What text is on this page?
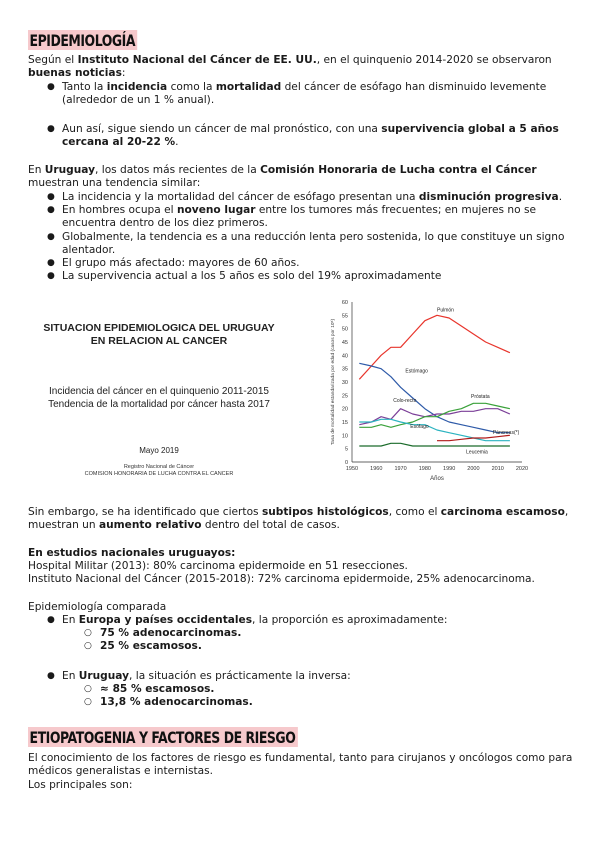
EPIDEMIOLOGÍA
Según el Instituto Nacional del Cáncer de EE. UU., en el quinquenio 2014-2020 se observaron buenas noticias:
● Tanto la incidencia como la mortalidad del cáncer de esófago han disminuido levemente (alrededor de un 1 % anual).
● Aun así, sigue siendo un cáncer de mal pronóstico, con una supervivencia global a 5 años cercana al 20-22 %.
En Uruguay, los datos más recientes de la Comisión Honoraria de Lucha contra el Cáncer muestran una tendencia similar:
● La incidencia y la mortalidad del cáncer de esófago presentan una disminución progresiva.
● En hombres ocupa el noveno lugar entre los tumores más frecuentes; en mujeres no se encuentra dentro de los diez primeros.
● Globalmente, la tendencia es a una reducción lenta pero sostenida, lo que constituye un signo alentador.
● El grupo más afectado: mayores de 60 años.
● La supervivencia actual a los 5 años es solo del 19% aproximadamente
SITUACION EPIDEMIOLOGICA DEL URUGUAY
EN RELACION AL CANCER
Incidencia del cáncer en el quinquenio 2011-2015
Tendencia de la mortalidad por cáncer hasta 2017
Mayo 2019
Registro Nacional de Cáncer
COMISION HONORARIA DE LUCHA CONTRA EL CANCER
0
5
10
15
20
25
30
35
40
45
50
55
60
1950 1960 1970 1980 1990 2000 2010 2020
Años
Tasa de mortalidad estandarizada por edad (casos por 10⁵)
Pulmón
Estómago
Colo-recto
Próstata
Esófago
Páncreas(*)
Leucemia
Sin embargo, se ha identificado que ciertos subtipos histológicos, como el carcinoma escamoso, muestran un aumento relativo dentro del total de casos.
En estudios nacionales uruguayos:
Hospital Militar (2013): 80% carcinoma epidermoide en 51 resecciones.
Instituto Nacional del Cáncer (2015-2018): 72% carcinoma epidermoide, 25% adenocarcinoma.
Epidemiología comparada
● En Europa y países occidentales, la proporción es aproximadamente:
○ 75 % adenocarcinomas.
○ 25 % escamosos.
● En Uruguay, la situación es prácticamente la inversa:
○ ≈ 85 % escamosos.
○ 13,8 % adenocarcinomas.
ETIOPATOGENIA Y FACTORES DE RIESGO
El conocimiento de los factores de riesgo es fundamental, tanto para cirujanos y oncólogos como para médicos generalistas e internistas.
Los principales son:
